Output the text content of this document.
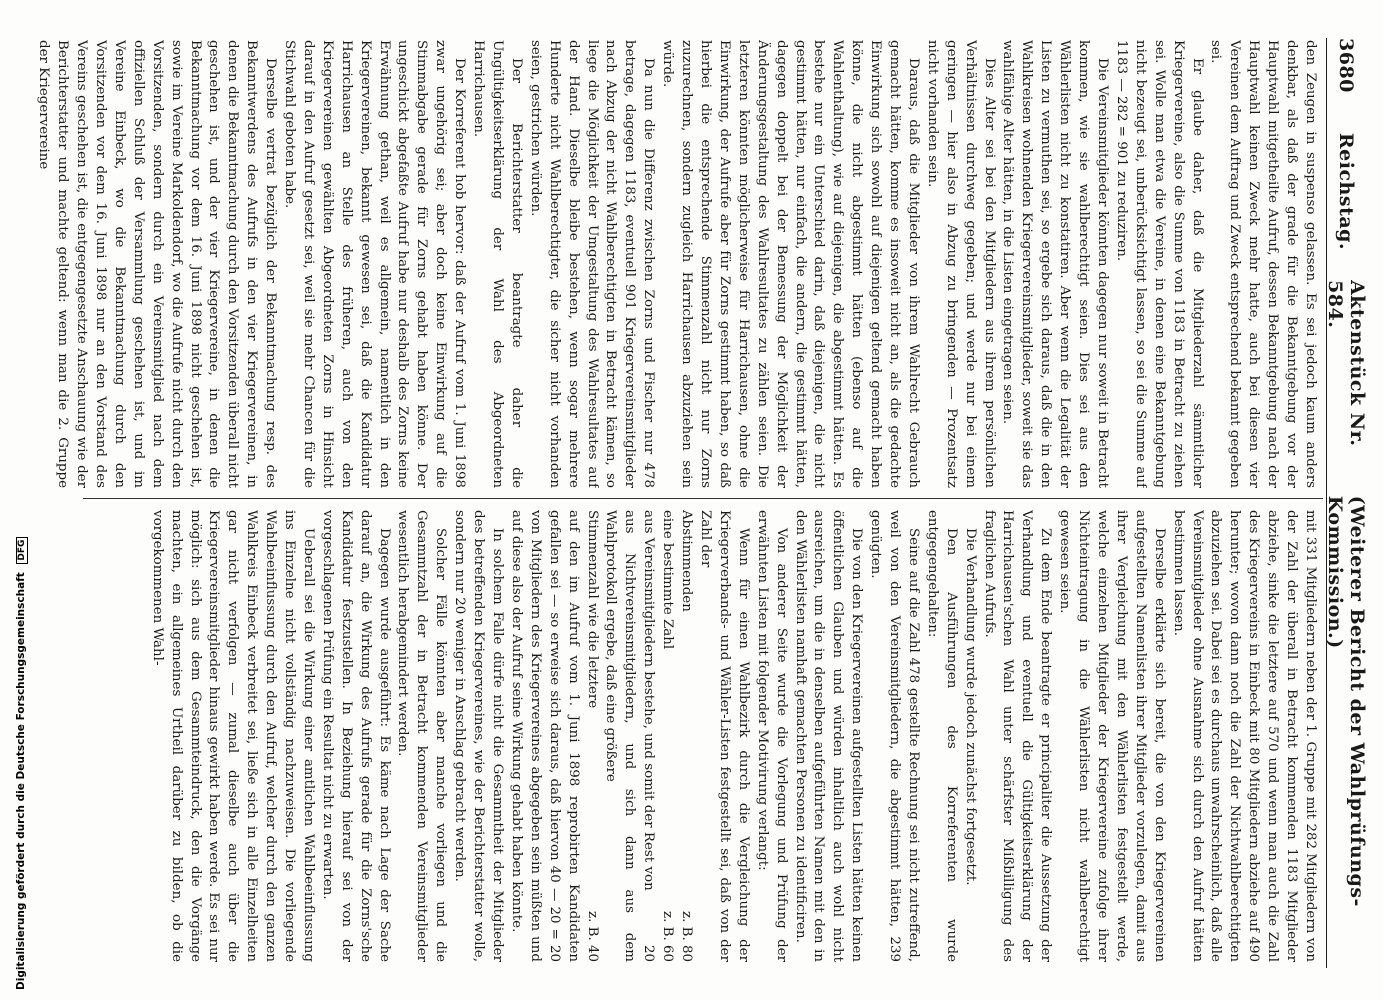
3680
Reichstag.
Aktenstück Nr. 584.
(Weiterer Bericht der Wahlprüfungs-Kommission.)

den Zeugen in suspenso gelassen. Es sei jedoch kaum anders denkbar, als daß der grade für die Bekanntgebung vor der Hauptwahl mitgetheilte Aufruf, dessen Bekanntgebung nach der Hauptwahl keinen Zweck mehr hatte, auch bei diesen vier Vereinen dem Auftrag und Zweck entsprechend bekannt gegeben sei.

Er glaube daher, daß die Mitgliederzahl sämmtlicher Kriegervereine, also die Summe von 1183 in Betracht zu ziehen sei. Wolle man etwa die Vereine, in denen eine Bekanntgebung nicht bezeugt sei, unberücksichtigt lassen, so sei die Summe auf 1183 — 282 = 901 zu reduziren.

Die Vereinsmitglieder könnten dagegen nur soweit in Betracht kommen, wie sie wahlberechtigt seien. Dies sei aus den Wählerlisten nicht zu konstatiren. Aber wenn die Legalität der Listen zu vermuthen sei, so ergebe sich daraus, daß die in den Wahlkreisen wohnenden Kriegervereinsmitglieder, soweit sie das wahlfähige Alter hätten, in die Listen eingetragen seien.

Dies Alter sei bei den Mitgliedern aus ihrem persönlichen Verhältnissen durchweg gegeben; und werde nur bei einem geringen — hier also in Abzug zu bringenden — Prozentsatz nicht vorhanden sein.

Daraus, daß die Mitglieder von ihrem Wahlrecht Gebrauch gemacht hätten, komme es insoweit nicht an, als die gedachte Einwirkung sich sowohl auf diejenigen geltend gemacht haben könne, die nicht abgestimmt hätten (ebenso auf die Wahlenthaltung), wie auf diejenigen, die abgestimmt hätten. Es bestehe nur ein Unterschied darin, daß diejenigen, die nicht gestimmt hätten, nur einfach, die andern, die gestimmt hätten, dagegen doppelt bei der Bemessung der Möglichkeit der Änderungsgestaltung des Wahlresultates zu zählen seien. Die letzteren könnten möglicherweise für Harrichausen, ohne die Einwirkung, der Aufrufe aber für Zorns gestimmt haben, so daß hierbei die entsprechende Stimmenzahl nicht nur Zorns zuzurechnen, sondern zugleich Harrichausen abzuziehen sein würde.

Da nun die Differenz zwischen Zorns und Fischer nur 478 betrage, dagegen 1183, eventuell 901 Kriegervereinsmitglieder nach Abzug der nicht Wahlberechtigten in Betracht kämen, so liege die Möglichkeit der Umgestaltung des Wahlresultates auf der Hand. Dieselbe bleibe bestehen, wenn sogar mehrere Hunderte nicht Wahlberechtigter, die sicher nicht vorhanden seien, gestrichen würden.

Der Berichterstatter beantragte daher die Ungültigkeitserklärung der Wahl des Abgeordneten Harrichausen.

Der Korreferent hob hervor: daß der Aufruf vom 1. Juni 1898 zwar ungehörig sei; aber doch keine Einwirkung auf die Stimmabgabe gerade für Zorns gehabt haben könne. Der ungeschickt abgefaßte Aufruf habe nur deshalb des Zorns keine Erwähnung gethan, weil es allgemein, namentlich in den Kriegervereinen, bekannt gewesen sei, daß die Kandidatur Harrichausen an Stelle des früheren, auch von den Kriegervereinen gewählten Abgeordneten Zorns in Hinsicht darauf in den Aufruf gesetzt sei, weil sie mehr Chancen für die Stichwahl geboten habe.

Derselbe vertrat bezüglich der Bekanntmachung resp. des Bekanntwerdens des Aufrufs in den vier Kriegervereinen, in denen die Bekanntmachung durch den Vorsitzenden überall nicht geschehen ist, und der vier Kriegervereine, in denen die Bekanntmachung vor dem 16. Juni 1898 nicht geschehen ist, sowie im Vereine Markoldendorf, wo die Aufrufe nicht durch den Vorsitzenden, sondern durch ein Vereinsmitglied nach dem offiziellen Schluß der Versammlung geschehen ist, und im Vereine Einbeck, wo die Bekanntmachung durch den Vorsitzenden vor dem 16. Juni 1898 nur an den Vorstand des Vereins geschehen ist, die entgegengesetzte Anschauung wie der Berichterstatter und machte geltend: wenn man die 2. Gruppe der Kriegervereine

mit 331 Mitgliedern neben der 1. Gruppe mit 282 Mitgliedern von der Zahl der überall in Betracht kommenden 1183 Mitglieder abziehe, sinke die letztere auf 570 und wenn man auch die Zahl des Kriegervereins in Einbeck mit 80 Mitgliedern abziehe auf 490 herunter; wovon dann noch die Zahl der Nichtwahlberechtigten abzuziehen sei. Dabei sei es durchaus unwahrscheinlich, daß alle Vereinsmitglieder ohne Ausnahme sich durch den Aufruf hätten bestimmen lassen.

Derselbe erklärte sich bereit, die von den Kriegervereinen aufgestellten Namenlisten ihrer Mitglieder vorzulegen, damit aus ihrer Vergleichung mit den Wählerlisten festgestellt werde, welche einzelnen Mitglieder der Kriegervereine zufolge ihrer Nichteintragung in die Wählerlisten nicht wahlberechtigt gewesen seien.

Zu dem Ende beantragte er principaliter die Aussetzung der Verhandlung und eventuell die Gültigkeitserklärung der Harrichausen'schen Wahl unter schärfster Mißbilligung des fraglichen Aufrufs.

Die Verhandlung wurde jedoch zunächst fortgesetzt.

Den Ausführungen des Korreferenten wurde entgegengehalten:

Seine auf die Zahl 478 gestellte Rechnung sei nicht zutreffend, weil von den Vereinsmitgliedern, die abgestimmt hätten, 239 genügten.

Die von den Kriegervereinen aufgestellten Listen hätten keinen öffentlichen Glauben und würden inhaltlich auch wohl nicht ausreichen, um die in denselben aufgeführten Namen mit den in den Wählerlisten namhaft gemachten Personen zu identificiren.

Von anderer Seite wurde die Vorlegung und Prüfung der erwähnten Listen mit folgender Motivirung verlangt:

Wenn für einen Wahlbezirk durch die Vergleichung der Kriegerverbands- und Wähler-Listen festgestellt sei, daß von der Zahl der

Abstimmenden
z. B. 80
eine bestimmte Zahl
z. B. 60
aus Vereinsmitgliedern bestehe, und somit der Rest von
20
aus Nichtvereinsmitgliedern, und sich dann aus dem Wahlprotokoll ergebe, daß eine größere
Stimmenzahl wie die letztere
z. B. 40

auf den im Aufruf vom 1. Juni 1898 reprobirten Kandidaten gefallen sei — so erweise sich daraus, daß hiervon 40 — 20 = 20 von Mitgliedern des Kriegervereines abgegeben sein müßten und auf diese also der Aufruf seine Wirkung gehabt haben könnte.

In solchem Falle dürfe nicht die Gesammtheit der Mitglieder des betreffenden Kriegervereines, wie der Berichterstatter wolle, sondern nur 20 weniger in Anschlag gebracht werden.

Solcher Fälle könnten aber manche vorliegen und die Gesammtzahl der in Betracht kommenden Vereinsmitglieder wesentlich herabgemindert werden.

Dagegen wurde ausgeführt: Es käme nach Lage der Sache darauf an, die Wirkung des Aufrufs gerade für die Zorns'sche Kandidatur festzustellen. In Beziehung hierauf sei von der vorgeschlagenen Prüfung ein Resultat nicht zu erwarten.

Ueberall sei die Wirkung einer amtlichen Wahlbeeinflussung ins Einzelne nicht vollständig nachzuweisen. Die vorliegende Wahlbeeinflussung durch den Aufruf, welcher durch den ganzen Wahlkreis Einbeck verbreitet sei, ließe sich in alle Einzelheiten gar nicht verfolgen — zumal dieselbe auch über die Kriegervereinsmitglieder hinaus gewirkt haben werde. Es sei nur möglich: sich aus dem Gesammteindruck, den die Vorgänge machten, ein allgemeines Urtheil darüber zu bilden, ob die vorgekommenen Wahl-

Digitalisierung gefördert durch die Deutsche Forschungsgemeinschaft DFG
